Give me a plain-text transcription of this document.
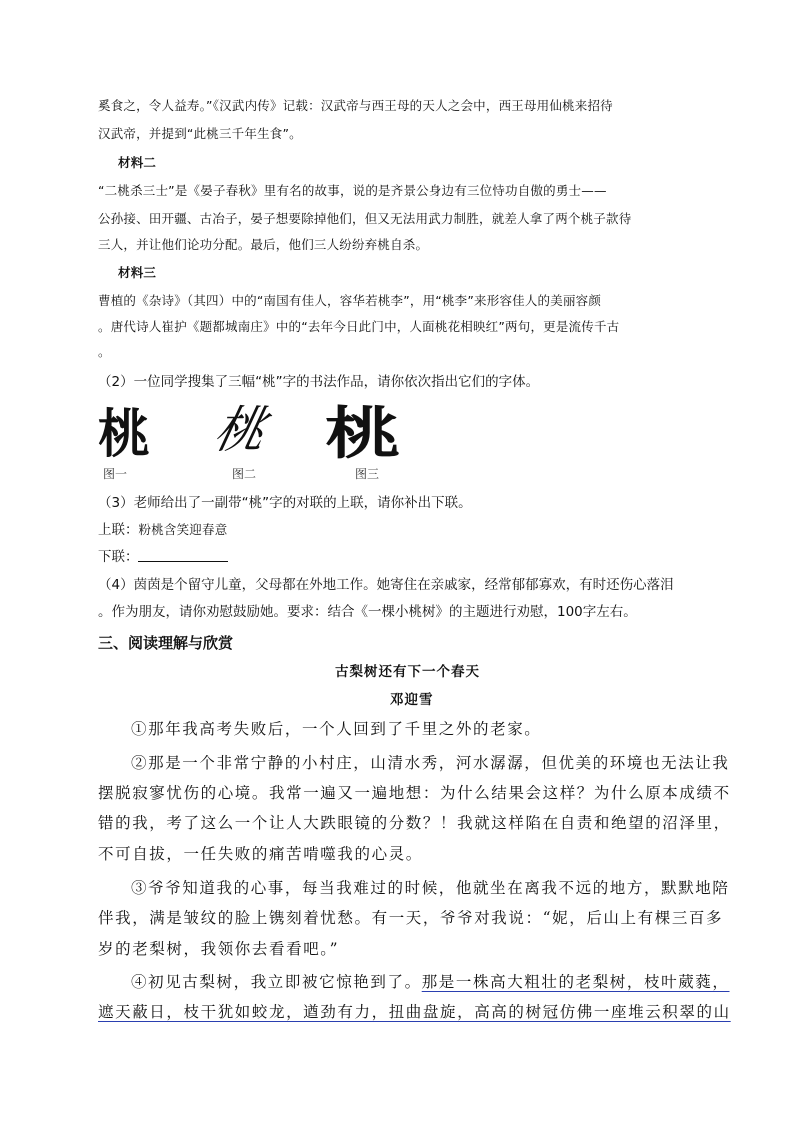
奚食之，令人益寿。”《汉武内传》记载：汉武帝与西王母的天人之会中，西王母用仙桃来招待
汉武帝，并提到“此桃三千年生食”。
材料二
“二桃杀三士”是《晏子春秋》里有名的故事，说的是齐景公身边有三位恃功自傲的勇士——
公孙接、田开疆、古冶子，晏子想要除掉他们，但又无法用武力制胜，就差人拿了两个桃子款待
三人，并让他们论功分配。最后，他们三人纷纷弃桃自杀。
材料三
曹植的《杂诗》（其四）中的“南国有佳人，容华若桃李”，用“桃李”来形容佳人的美丽容颜
。唐代诗人崔护《题都城南庄》中的“去年今日此门中，人面桃花相映红”两句，更是流传千古
。
（2）一位同学搜集了三幅“桃”字的书法作品，请你依次指出它们的字体。
桃 桃 桃
图一	图二	图三
（3）老师给出了一副带“桃”字的对联的上联，请你补出下联。
上联：粉桃含笑迎春意
下联：
（4）茵茵是个留守儿童，父母都在外地工作。她寄住在亲戚家，经常郁郁寡欢，有时还伤心落泪
。作为朋友，请你劝慰鼓励她。要求：结合《一棵小桃树》的主题进行劝慰，100字左右。
三、阅读理解与欣赏
古梨树还有下一个春天
邓迎雪
①那年我高考失败后，一个人回到了千里之外的老家。
②那是一个非常宁静的小村庄，山清水秀，河水潺潺，但优美的环境也无法让我
摆脱寂寥忧伤的心境。我常一遍又一遍地想：为什么结果会这样？为什么原本成绩不
错的我，考了这么一个让人大跌眼镜的分数？！我就这样陷在自责和绝望的沼泽里，
不可自拔，一任失败的痛苦啃噬我的心灵。
③爷爷知道我的心事，每当我难过的时候，他就坐在离我不远的地方，默默地陪
伴我，满是皱纹的脸上镌刻着忧愁。有一天，爷爷对我说：“妮，后山上有棵三百多
岁的老梨树，我领你去看看吧。”
④初见古梨树，我立即被它惊艳到了。那是一株高大粗壮的老梨树，枝叶葳蕤，
遮天蔽日，枝干犹如蛟龙，遒劲有力，扭曲盘旋，高高的树冠仿佛一座堆云积翠的山
